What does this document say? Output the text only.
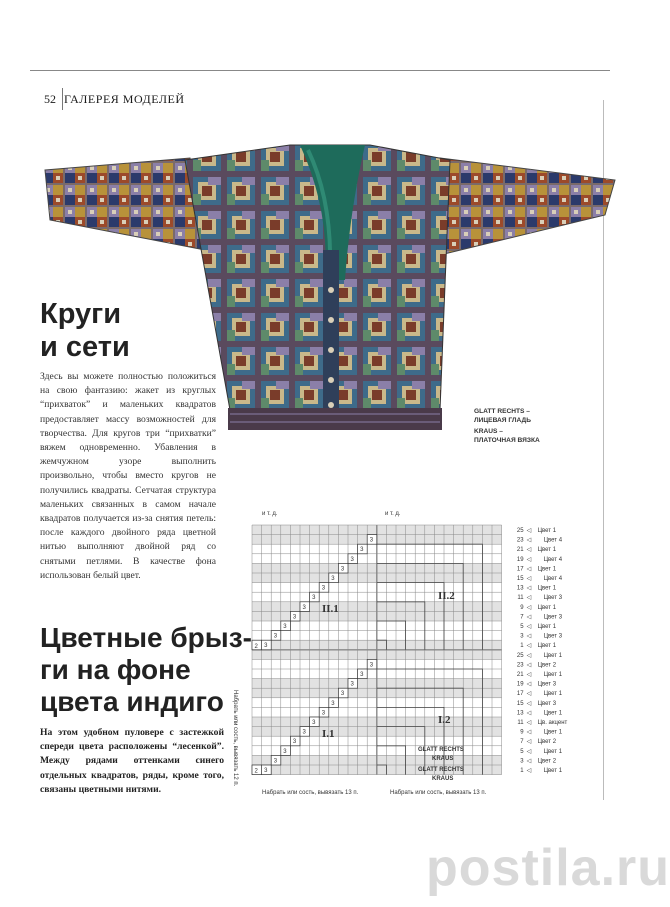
52 ГАЛЕРЕЯ МОДЕЛЕЙ
Круги
и сети
Здесь вы можете полностью положиться на свою фантазию: жакет из круглых “прихваток” и маленьких квадратов предоставляет массу возможностей для творчества. Для кругов три “прихватки” вяжем одновременно. Убавления в жемчужном узоре выполнить произвольно, чтобы вместо кругов не получились квадраты. Сетчатая структура маленьких связанных в самом начале квадратов получается из-за снятия петель: после каждого двойного ряда цветной нитью выполняют двойной ряд со снятыми петлями. В качестве фона использован белый цвет.
GLATT RECHTS –
ЛИЦЕВАЯ ГЛАДЬ
KRAUS –
ПЛАТОЧНАЯ ВЯЗКА
Цветные брыз-
ги на фоне
цвета индиго
На этом удобном пуловере с застежкой спереди цвета расположены “лесенкой”. Между рядами оттенками синего отдельных квадратов, ряды, кроме того, связаны цветными нитями.
и т. д.	и т. д.
3
3
3
3
3
3
3
3
3
3
3
3
2
3
3
3
3
3
3
3
3
3
3
3
3
2
II.2
II.1
I.2
I.1
GLATT RECHTS
KRAUS
GLATT RECHTS
KRAUS
Набрать или сость, вывязать 12 п.
Набрать или сость, вывязать 13 п.	Набрать или сость, вывязать 13 п.
25 ◁ Цвет 1
23 ◁ Цвет 4
21 ◁ Цвет 1
19 ◁ Цвет 4
17 ◁ Цвет 1
15 ◁ Цвет 4
13 ◁ Цвет 1
11 ◁ Цвет 3
9 ◁ Цвет 1
7 ◁ Цвет 3
5 ◁ Цвет 1
3 ◁ Цвет 3
1 ◁ Цвет 1
25 ◁ Цвет 1
23 ◁ Цвет 2
21 ◁ Цвет 1
19 ◁ Цвет 3
17 ◁ Цвет 1
15 ◁ Цвет 3
13 ◁ Цвет 1
11 ◁ Цв. акцент
9 ◁ Цвет 1
7 ◁ Цвет 2
5 ◁ Цвет 1
3 ◁ Цвет 2
1 ◁ Цвет 1
postila.ru
